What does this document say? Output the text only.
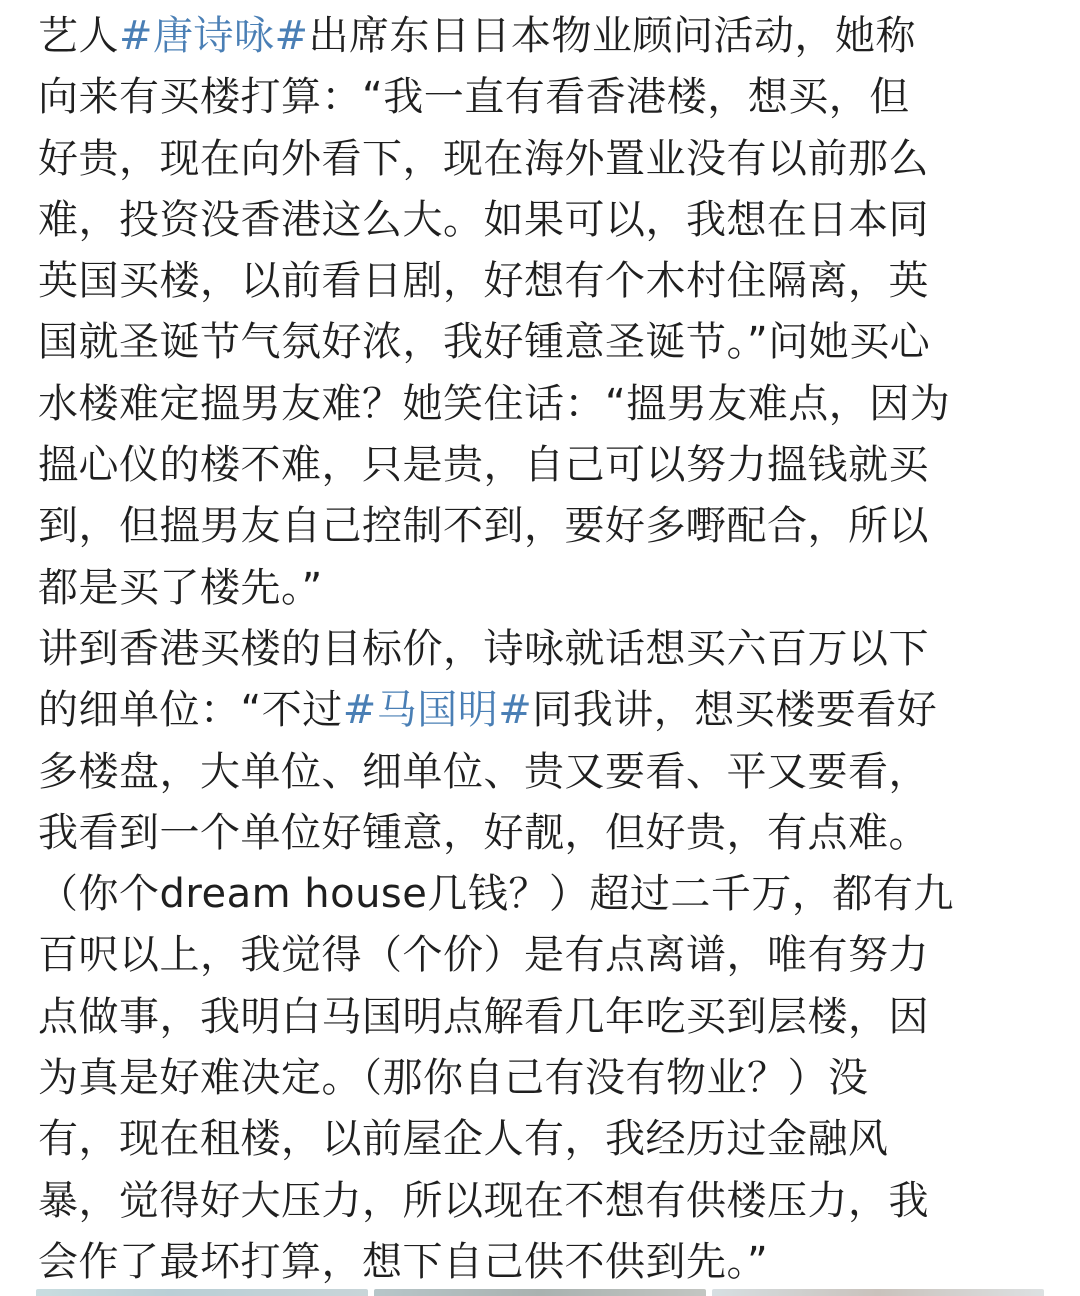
艺人#唐诗咏#出席东日日本物业顾问活动，她称
向来有买楼打算：“我一直有看香港楼，想买，但
好贵，现在向外看下，现在海外置业没有以前那么
难，投资没香港这么大。如果可以，我想在日本同
英国买楼，以前看日剧，好想有个木村住隔离，英
国就圣诞节气氛好浓，我好锺意圣诞节。”问她买心
水楼难定搵男友难？她笑住话：“搵男友难点，因为
搵心仪的楼不难，只是贵，自己可以努力搵钱就买
到，但搵男友自己控制不到，要好多嘢配合，所以
都是买了楼先。”
讲到香港买楼的目标价，诗咏就话想买六百万以下
的细单位：“不过#马国明#同我讲，想买楼要看好
多楼盘，大单位、细单位、贵又要看、平又要看，
我看到一个单位好锺意，好靓，但好贵，有点难。
（你个dream house几钱？）超过二千万，都有九
百呎以上，我觉得（个价）是有点离谱，唯有努力
点做事，我明白马国明点解看几年吃买到层楼，因
为真是好难决定。（那你自己有没有物业？）没
有，现在租楼，以前屋企人有，我经历过金融风
暴，觉得好大压力，所以现在不想有供楼压力，我
会作了最坏打算，想下自己供不供到先。”
